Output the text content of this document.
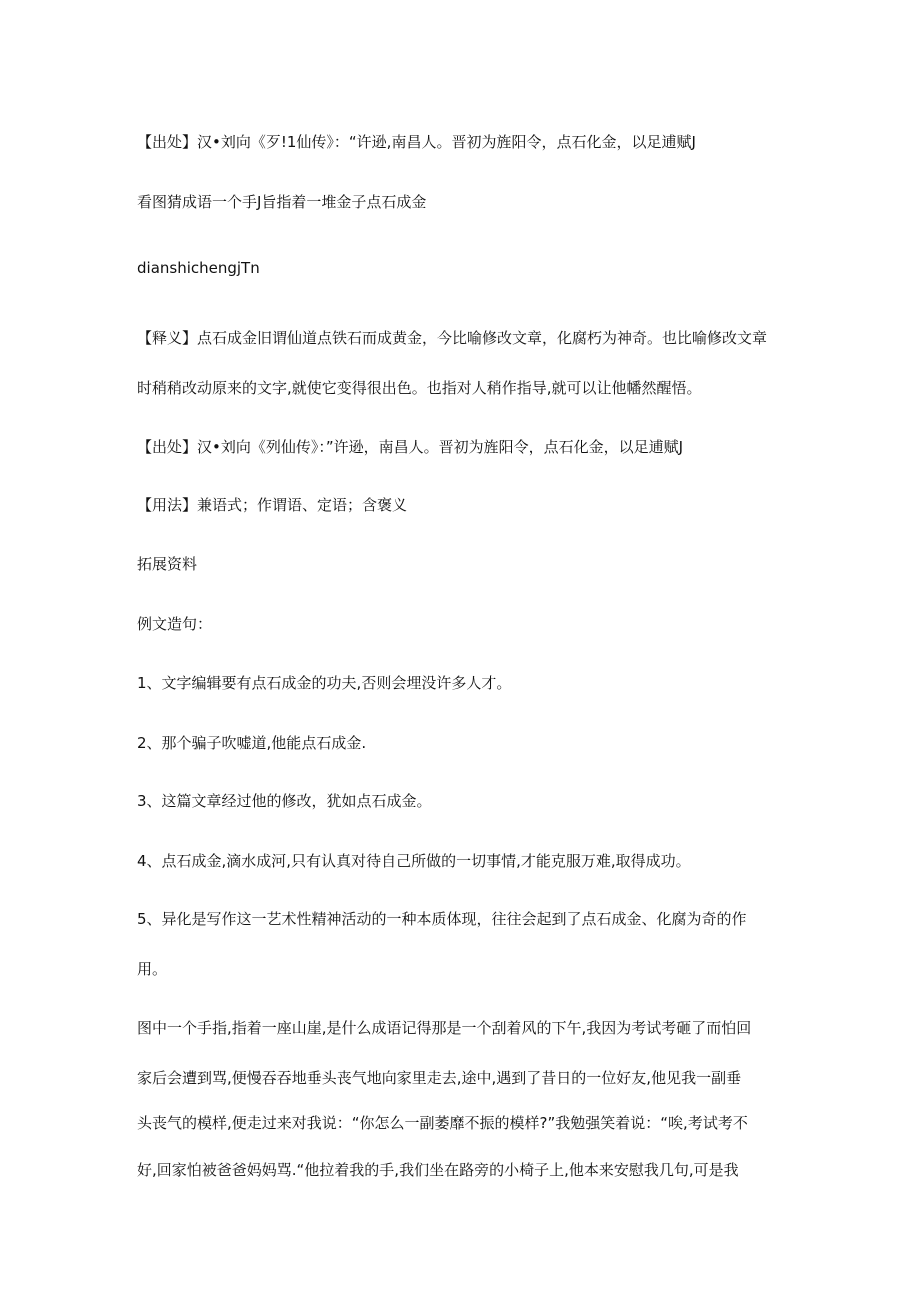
【出处】汉•刘向《歹!1仙传》：“许逊,南昌人。晋初为旌阳令，点石化金，以足逋赋J
看图猜成语一个手J旨指着一堆金子点石成金
dianshichengjTn
【释义】点石成金旧谓仙道点铁石而成黄金，今比喻修改文章，化腐朽为神奇。也比喻修改文章
时稍稍改动原来的文字,就使它变得很出色。也指对人稍作指导,就可以让他幡然醒悟。
【出处】汉•刘向《列仙传》：”许逊，南昌人。晋初为旌阳令，点石化金，以足逋赋J
【用法】兼语式；作谓语、定语；含褒义
拓展资料
例文造句：
1、文字编辑要有点石成金的功夫,否则会埋没许多人才。
2、那个骗子吹嘘道,他能点石成金.
3、这篇文章经过他的修改，犹如点石成金。
4、点石成金,滴水成河,只有认真对待自己所做的一切事情,才能克服万难,取得成功。
5、异化是写作这一艺术性精神活动的一种本质体现，往往会起到了点石成金、化腐为奇的作
用。
图中一个手指,指着一座山崖,是什么成语记得那是一个刮着风的下午,我因为考试考砸了而怕回
家后会遭到骂,便慢吞吞地垂头丧气地向家里走去,途中,遇到了昔日的一位好友,他见我一副垂
头丧气的模样,便走过来对我说：“你怎么一副萎靡不振的模样?”我勉强笑着说：“唉,考试考不
好,回家怕被爸爸妈妈骂.“他拉着我的手,我们坐在路旁的小椅子上,他本来安慰我几句,可是我
